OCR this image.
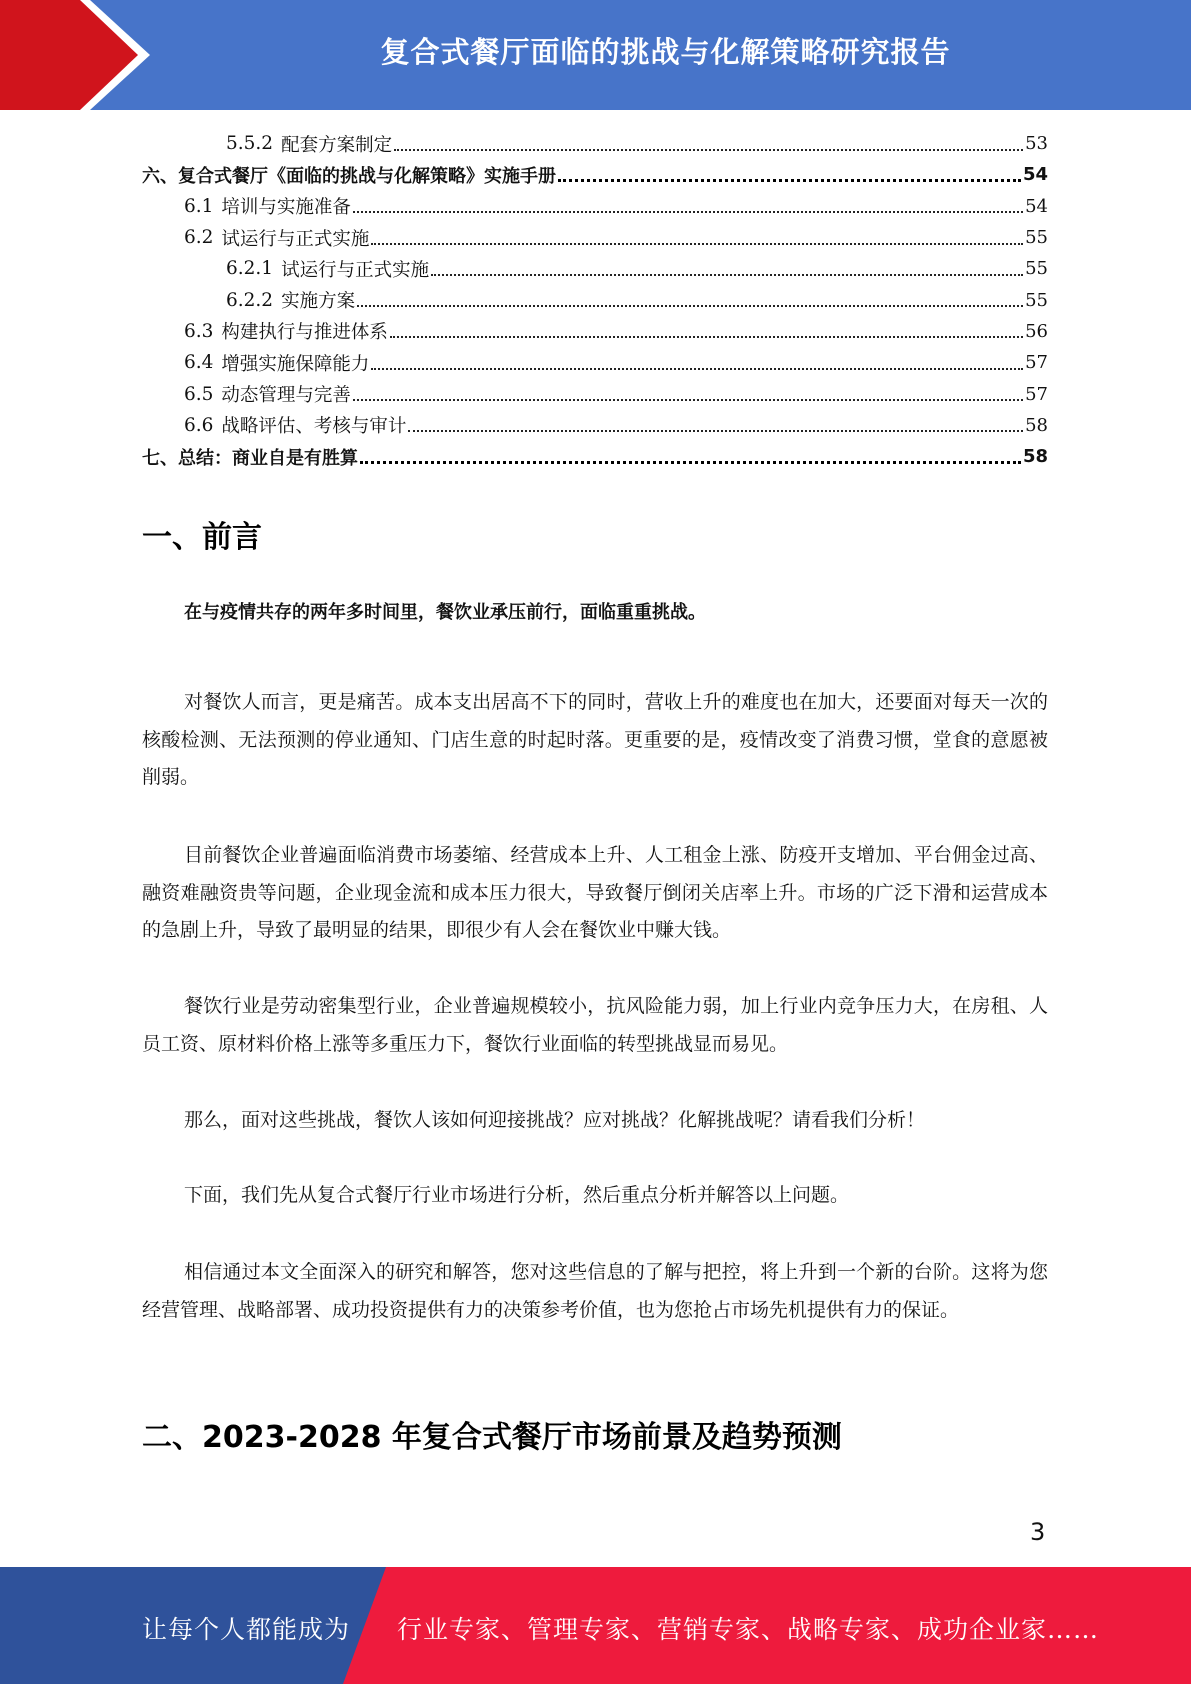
复合式餐厅面临的挑战与化解策略研究报告
5.5.2 配套方案制定	53
六、复合式餐厅《面临的挑战与化解策略》实施手册	54
6.1 培训与实施准备	54
6.2 试运行与正式实施	55
6.2.1 试运行与正式实施	55
6.2.2 实施方案	55
6.3 构建执行与推进体系	56
6.4 增强实施保障能力	57
6.5 动态管理与完善	57
6.6 战略评估、考核与审计	58
七、总结：商业自是有胜算	58
一、前言

在与疫情共存的两年多时间里，餐饮业承压前行，面临重重挑战。

对餐饮人而言，更是痛苦。成本支出居高不下的同时，营收上升的难度也在加大，还要面对每天一次的核酸检测、无法预测的停业通知、门店生意的时起时落。更重要的是，疫情改变了消费习惯，堂食的意愿被削弱。

目前餐饮企业普遍面临消费市场萎缩、经营成本上升、人工租金上涨、防疫开支增加、平台佣金过高、融资难融资贵等问题，企业现金流和成本压力很大，导致餐厅倒闭关店率上升。市场的广泛下滑和运营成本的急剧上升，导致了最明显的结果，即很少有人会在餐饮业中赚大钱。

餐饮行业是劳动密集型行业，企业普遍规模较小，抗风险能力弱，加上行业内竞争压力大，在房租、人员工资、原材料价格上涨等多重压力下，餐饮行业面临的转型挑战显而易见。

那么，面对这些挑战，餐饮人该如何迎接挑战？应对挑战？化解挑战呢？请看我们分析！

下面，我们先从复合式餐厅行业市场进行分析，然后重点分析并解答以上问题。

相信通过本文全面深入的研究和解答，您对这些信息的了解与把控，将上升到一个新的台阶。这将为您经营管理、战略部署、成功投资提供有力的决策参考价值，也为您抢占市场先机提供有力的保证。

二、2023-2028 年复合式餐厅市场前景及趋势预测
3
让每个人都能成为 行业专家、管理专家、营销专家、战略专家、成功企业家……
